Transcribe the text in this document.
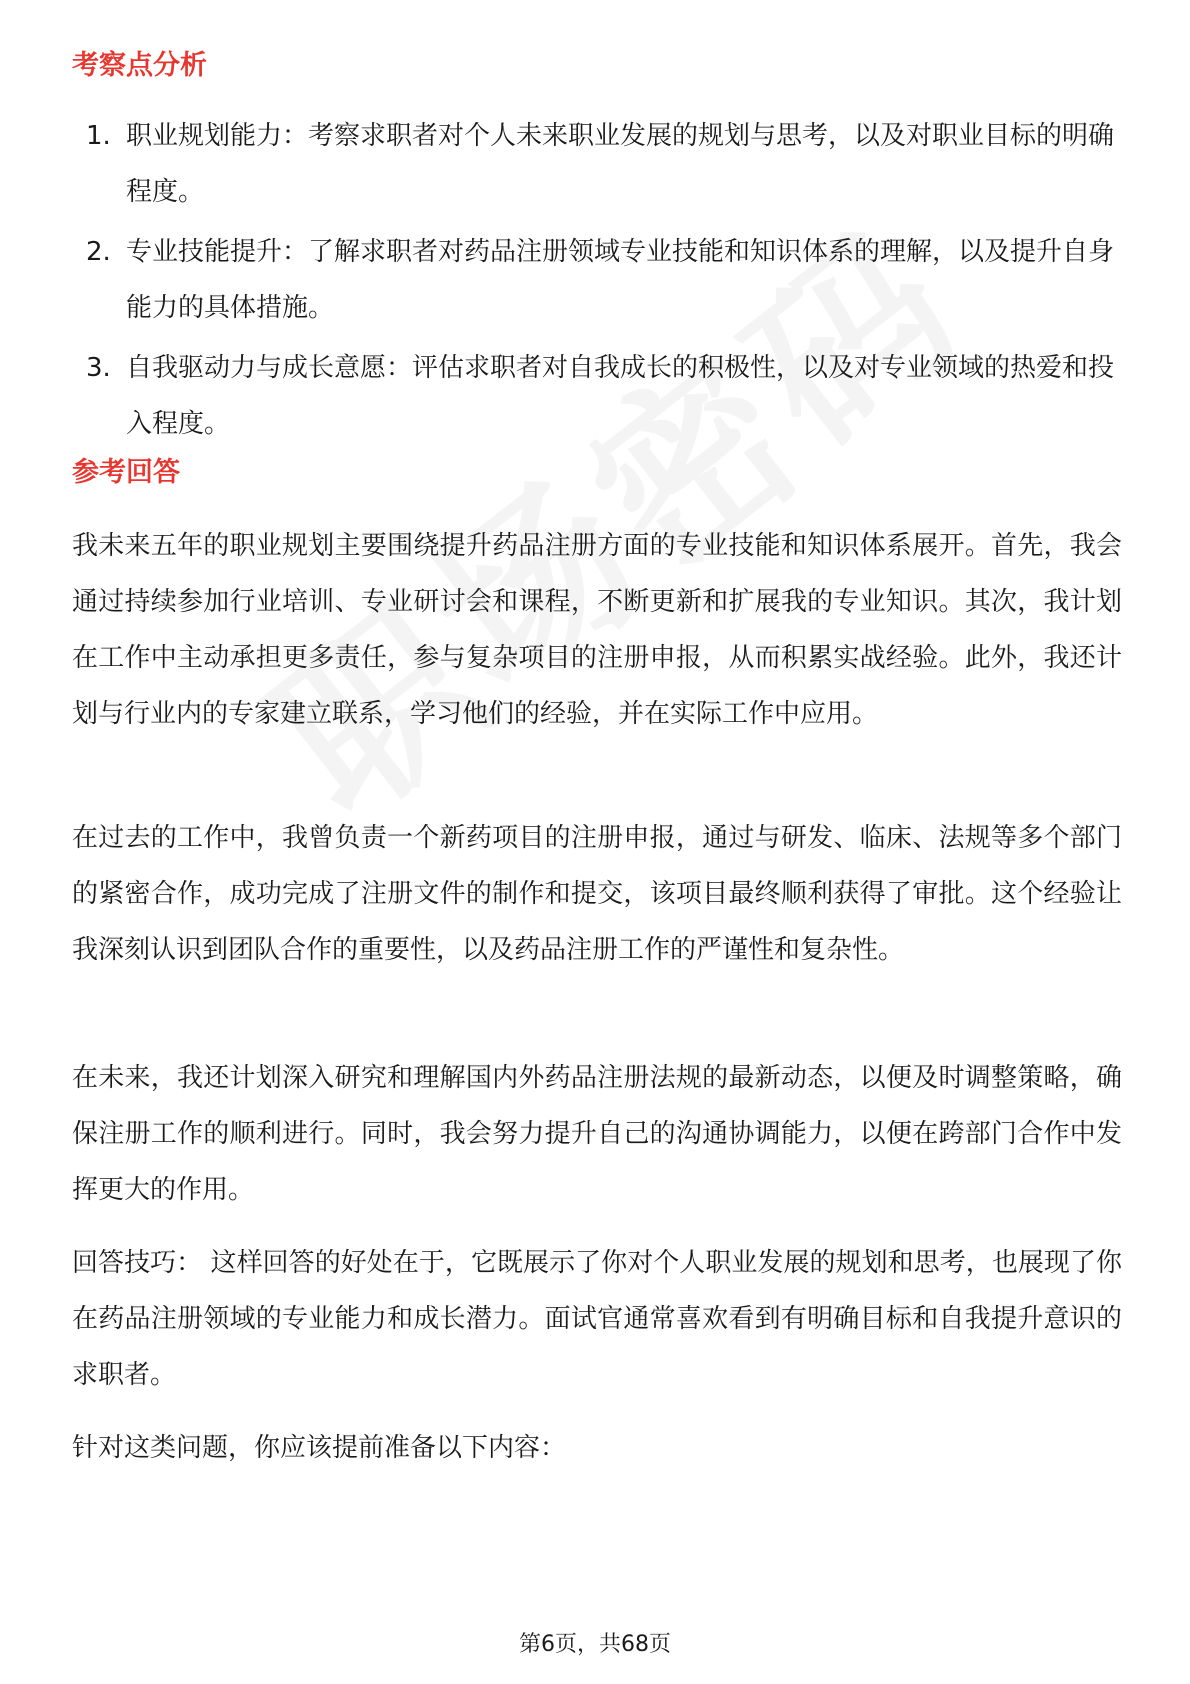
考察点分析
1. 职业规划能力：考察求职者对个人未来职业发展的规划与思考，以及对职业目标的明确程度。
2. 专业技能提升：了解求职者对药品注册领域专业技能和知识体系的理解，以及提升自身能力的具体措施。
3. 自我驱动力与成长意愿：评估求职者对自我成长的积极性，以及对专业领域的热爱和投入程度。
参考回答

我未来五年的职业规划主要围绕提升药品注册方面的专业技能和知识体系展开。首先，我会通过持续参加行业培训、专业研讨会和课程，不断更新和扩展我的专业知识。其次，我计划在工作中主动承担更多责任，参与复杂项目的注册申报，从而积累实战经验。此外，我还计划与行业内的专家建立联系，学习他们的经验，并在实际工作中应用。

在过去的工作中，我曾负责一个新药项目的注册申报，通过与研发、临床、法规等多个部门的紧密合作，成功完成了注册文件的制作和提交，该项目最终顺利获得了审批。这个经验让我深刻认识到团队合作的重要性，以及药品注册工作的严谨性和复杂性。

在未来，我还计划深入研究和理解国内外药品注册法规的最新动态，以便及时调整策略，确保注册工作的顺利进行。同时，我会努力提升自己的沟通协调能力，以便在跨部门合作中发挥更大的作用。

回答技巧： 这样回答的好处在于，它既展示了你对个人职业发展的规划和思考，也展现了你在药品注册领域的专业能力和成长潜力。面试官通常喜欢看到有明确目标和自我提升意识的求职者。

针对这类问题，你应该提前准备以下内容：

第6页，共68页
